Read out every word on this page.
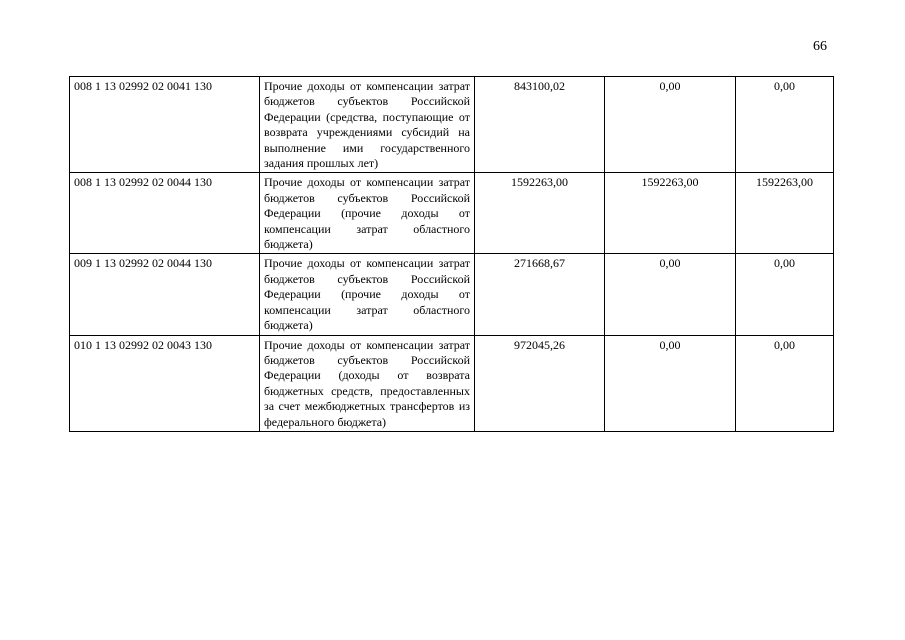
66
008 1 13 02992 02 0041 130	Прочие доходы от компенсации затрат бюджетов субъектов Российской Федерации (средства, поступающие от возврата учреждениями субсидий на выполнение ими государственного задания прошлых лет)	843100,02	0,00	0,00
008 1 13 02992 02 0044 130	Прочие доходы от компенсации затрат бюджетов субъектов Российской Федерации (прочие доходы от компенсации затрат областного бюджета)	1592263,00	1592263,00	1592263,00
009 1 13 02992 02 0044 130	Прочие доходы от компенсации затрат бюджетов субъектов Российской Федерации (прочие доходы от компенсации затрат областного бюджета)	271668,67	0,00	0,00
010 1 13 02992 02 0043 130	Прочие доходы от компенсации затрат бюджетов субъектов Российской Федерации (доходы от возврата бюджетных средств, предоставленных за счет межбюджетных трансфертов из федерального бюджета)	972045,26	0,00	0,00
